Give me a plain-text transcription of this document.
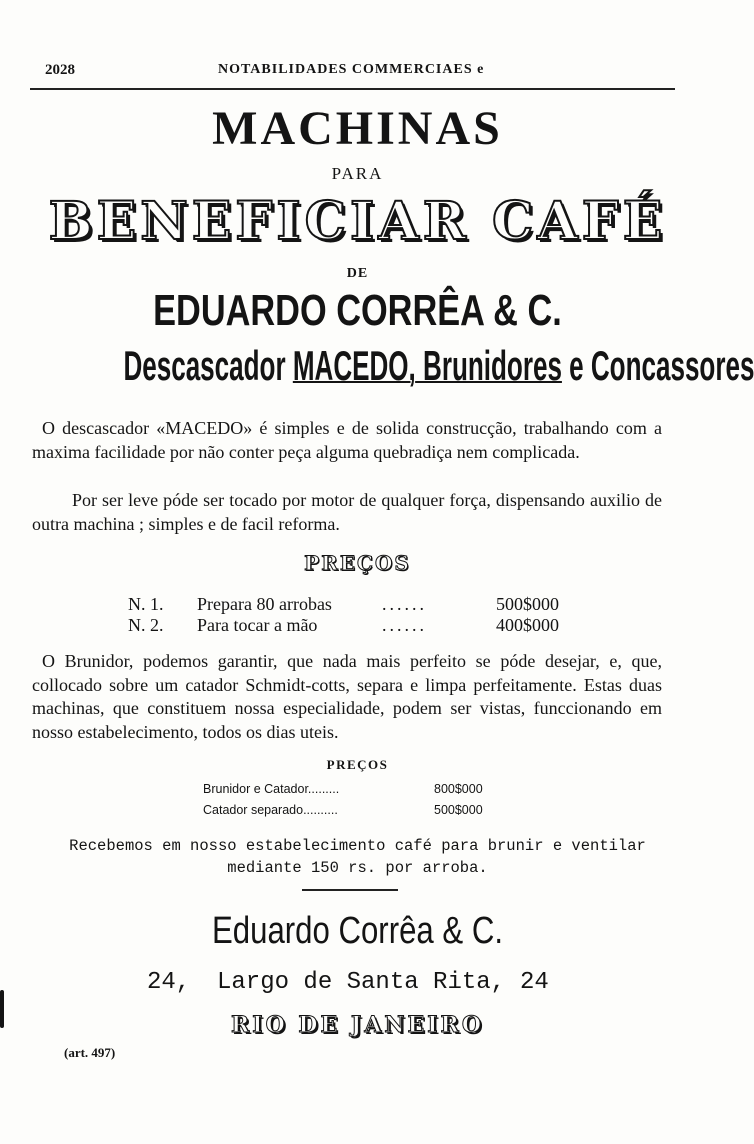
2028	NOTABILIDADES COMMERCIAES e
MACHINAS
PARA
BENEFICIAR CAFÉ
DE
EDUARDO CORRÊA & C.
Descascador MACEDO, Brunidores e Concassores
O descascador «MACEDO» é simples e de solida construcção, trabalhando com a maxima facilidade por não conter peça alguma quebradiça nem complicada.
Por ser leve póde ser tocado por motor de qualquer força, dispensando auxilio de outra machina ; simples e de facil reforma.
PREÇOS
N. 1. Prepara 80 arrobas	......	500$000
N. 2. Para tocar a mão	......	400$000
O Brunidor, podemos garantir, que nada mais perfeito se póde desejar, e, que, collocado sobre um catador Schmidt-cotts, separa e limpa perfeitamente. Estas duas machinas, que constituem nossa especialidade, podem ser vistas, funccionando em nosso estabelecimento, todos os dias uteis.
PREÇOS
Brunidor e Catador.........	800$000
Catador separado..........	500$000
Recebemos em nosso estabelecimento café para brunir e ventilar mediante 150 rs. por arroba.
Eduardo Corrêa & C.
24, Largo de Santa Rita, 24
RIO DE JANEIRO
(art. 497)
